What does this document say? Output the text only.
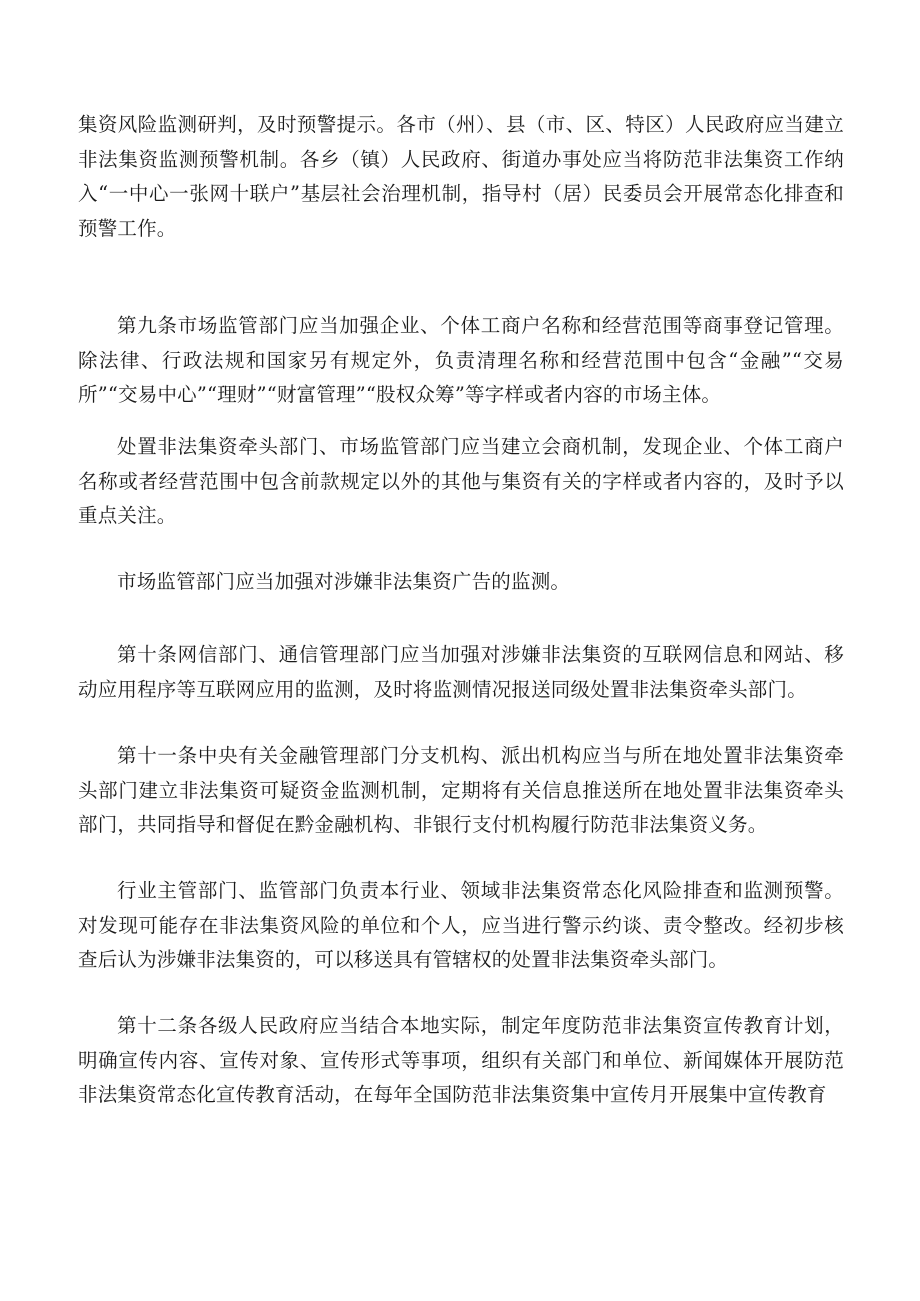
集资风险监测研判，及时预警提示。各市（州）、县（市、区、特区）人民政府应当建立非法集资监测预警机制。各乡（镇）人民政府、街道办事处应当将防范非法集资工作纳入“一中心一张网十联户”基层社会治理机制，指导村（居）民委员会开展常态化排查和预警工作。

第九条市场监管部门应当加强企业、个体工商户名称和经营范围等商事登记管理。除法律、行政法规和国家另有规定外，负责清理名称和经营范围中包含“金融”“交易所”“交易中心”“理财”“财富管理”“股权众筹”等字样或者内容的市场主体。

处置非法集资牵头部门、市场监管部门应当建立会商机制，发现企业、个体工商户名称或者经营范围中包含前款规定以外的其他与集资有关的字样或者内容的，及时予以重点关注。

市场监管部门应当加强对涉嫌非法集资广告的监测。

第十条网信部门、通信管理部门应当加强对涉嫌非法集资的互联网信息和网站、移动应用程序等互联网应用的监测，及时将监测情况报送同级处置非法集资牵头部门。

第十一条中央有关金融管理部门分支机构、派出机构应当与所在地处置非法集资牵头部门建立非法集资可疑资金监测机制，定期将有关信息推送所在地处置非法集资牵头部门，共同指导和督促在黔金融机构、非银行支付机构履行防范非法集资义务。

行业主管部门、监管部门负责本行业、领域非法集资常态化风险排查和监测预警。对发现可能存在非法集资风险的单位和个人，应当进行警示约谈、责令整改。经初步核查后认为涉嫌非法集资的，可以移送具有管辖权的处置非法集资牵头部门。

第十二条各级人民政府应当结合本地实际，制定年度防范非法集资宣传教育计划，明确宣传内容、宣传对象、宣传形式等事项，组织有关部门和单位、新闻媒体开展防范非法集资常态化宣传教育活动，在每年全国防范非法集资集中宣传月开展集中宣传教育
